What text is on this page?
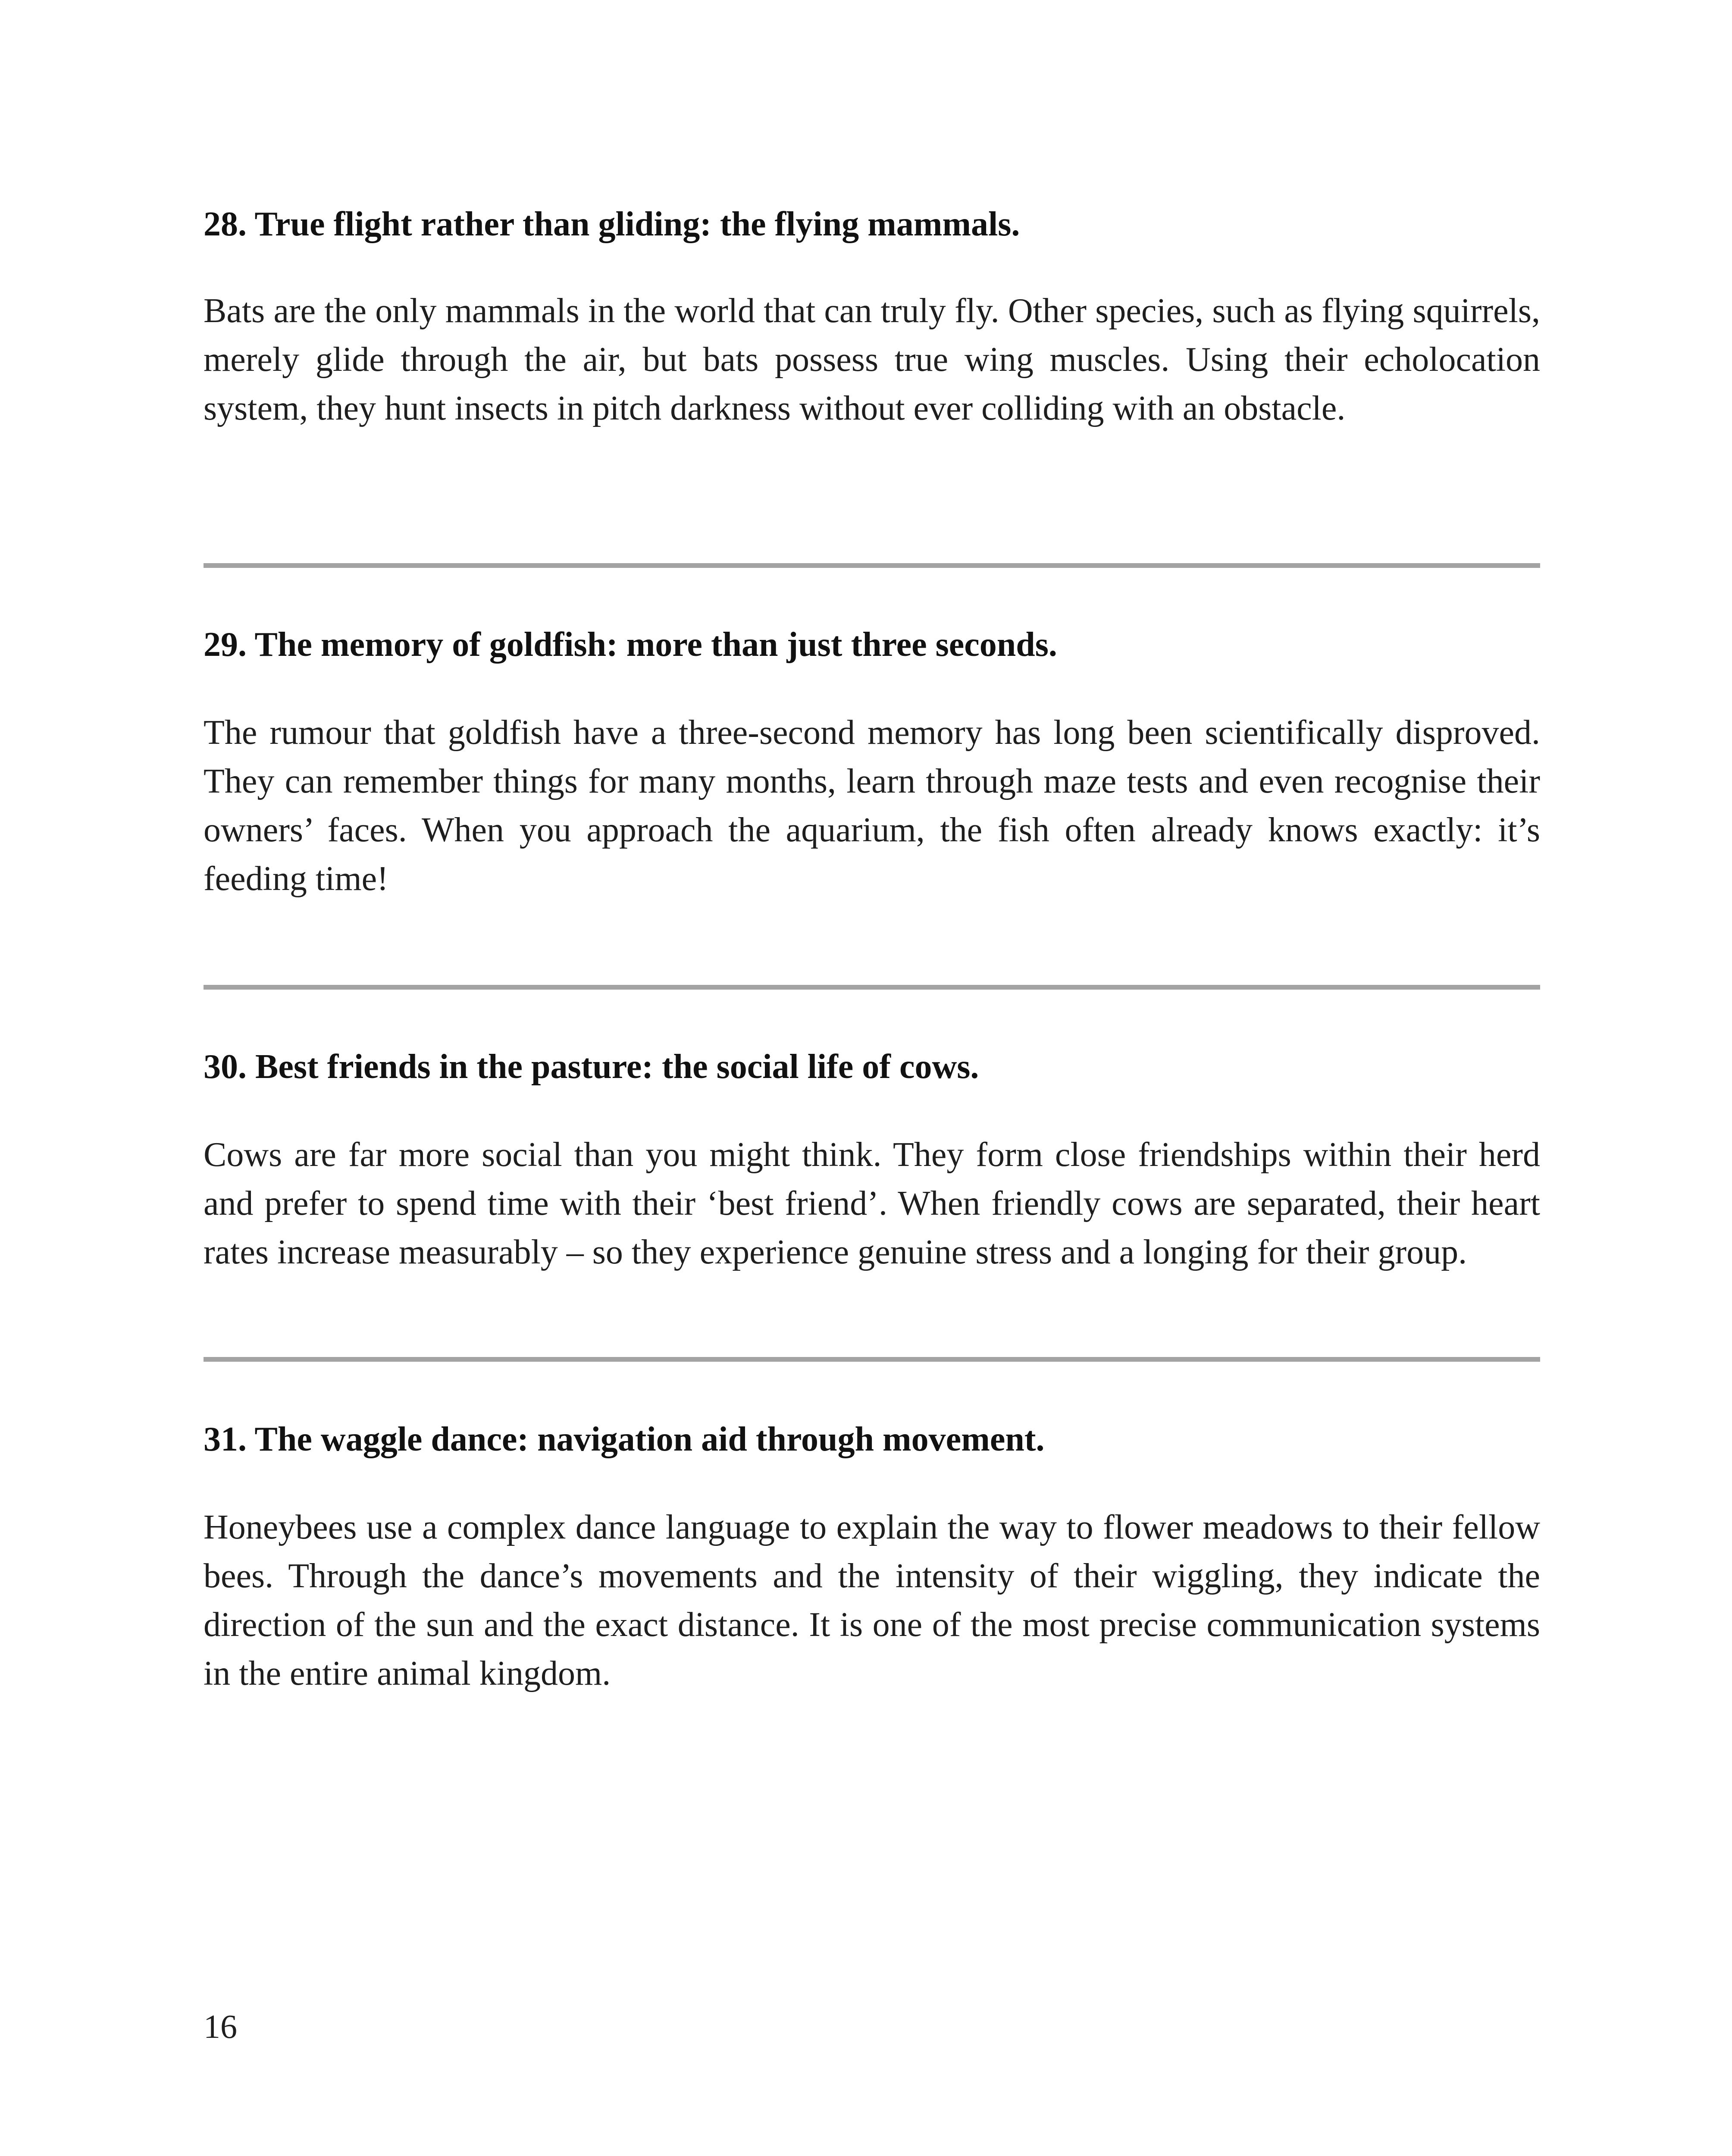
28. True flight rather than gliding: the flying mammals.

Bats are the only mammals in the world that can truly fly. Other species, such as flying squirrels, merely glide through the air, but bats possess true wing muscles. Using their echolocation system, they hunt insects in pitch darkness without ever colliding with an obstacle.

29. The memory of goldfish: more than just three seconds.

The rumour that goldfish have a three-second memory has long been scientifically disproved. They can remember things for many months, learn through maze tests and even recognise their owners’ faces. When you approach the aquarium, the fish often already knows exactly: it’s feeding time!

30. Best friends in the pasture: the social life of cows.

Cows are far more social than you might think. They form close friendships within their herd and prefer to spend time with their ‘best friend’. When friendly cows are separated, their heart rates increase measurably – so they experience genuine stress and a longing for their group.

31. The waggle dance: navigation aid through movement.

Honeybees use a complex dance language to explain the way to flower meadows to their fellow bees. Through the dance’s movements and the intensity of their wiggling, they indicate the direction of the sun and the exact distance. It is one of the most precise communication systems in the entire animal kingdom.

16
